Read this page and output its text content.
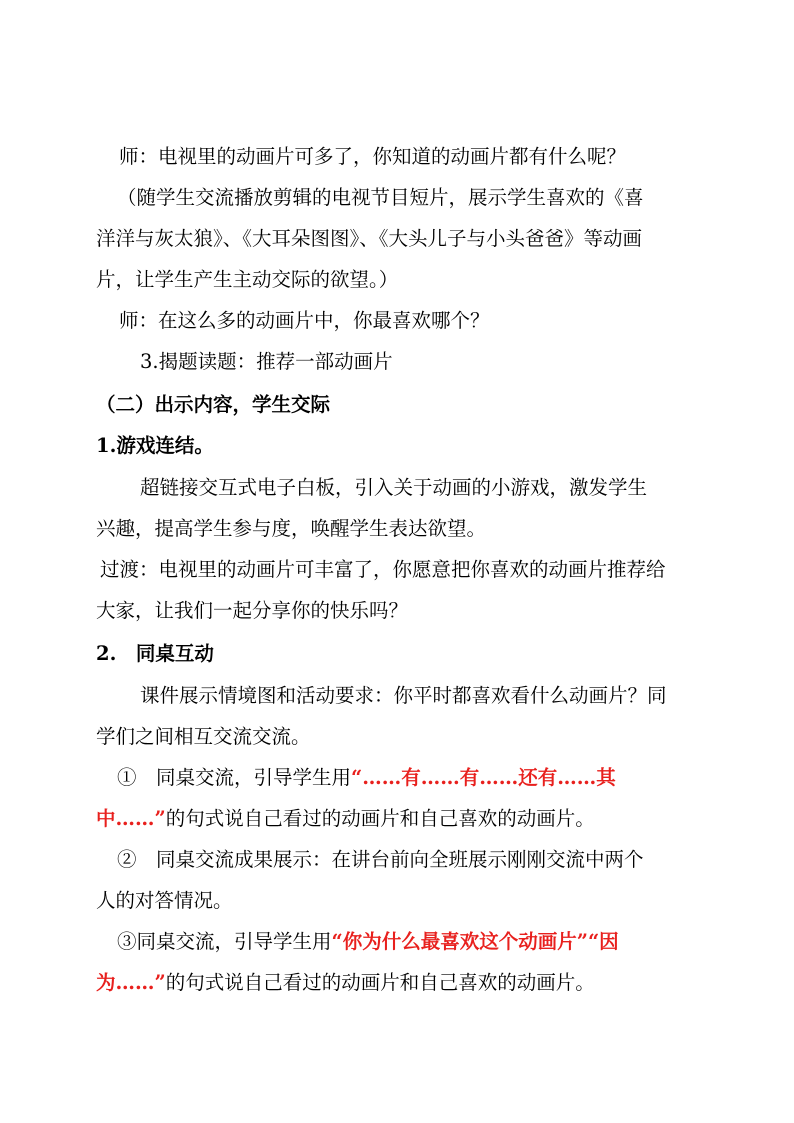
师：电视里的动画片可多了，你知道的动画片都有什么呢？
（随学生交流播放剪辑的电视节目短片，展示学生喜欢的《喜
洋洋与灰太狼》、《大耳朵图图》、《大头儿子与小头爸爸》等动画
片，让学生产生主动交际的欲望。）
师：在这么多的动画片中，你最喜欢哪个？
3.揭题读题：推荐一部动画片
（二）出示内容，学生交际
1.游戏连结。
超链接交互式电子白板，引入关于动画的小游戏，激发学生
兴趣，提高学生参与度，唤醒学生表达欲望。
过渡：电视里的动画片可丰富了，你愿意把你喜欢的动画片推荐给
大家，让我们一起分享你的快乐吗？
2.　同桌互动
课件展示情境图和活动要求：你平时都喜欢看什么动画片？同
学们之间相互交流交流。
①　同桌交流，引导学生用“……有……有……还有……其
中……”的句式说自己看过的动画片和自己喜欢的动画片。
②　同桌交流成果展示：在讲台前向全班展示刚刚交流中两个
人的对答情况。
③同桌交流，引导学生用“你为什么最喜欢这个动画片”“因
为……”的句式说自己看过的动画片和自己喜欢的动画片。
